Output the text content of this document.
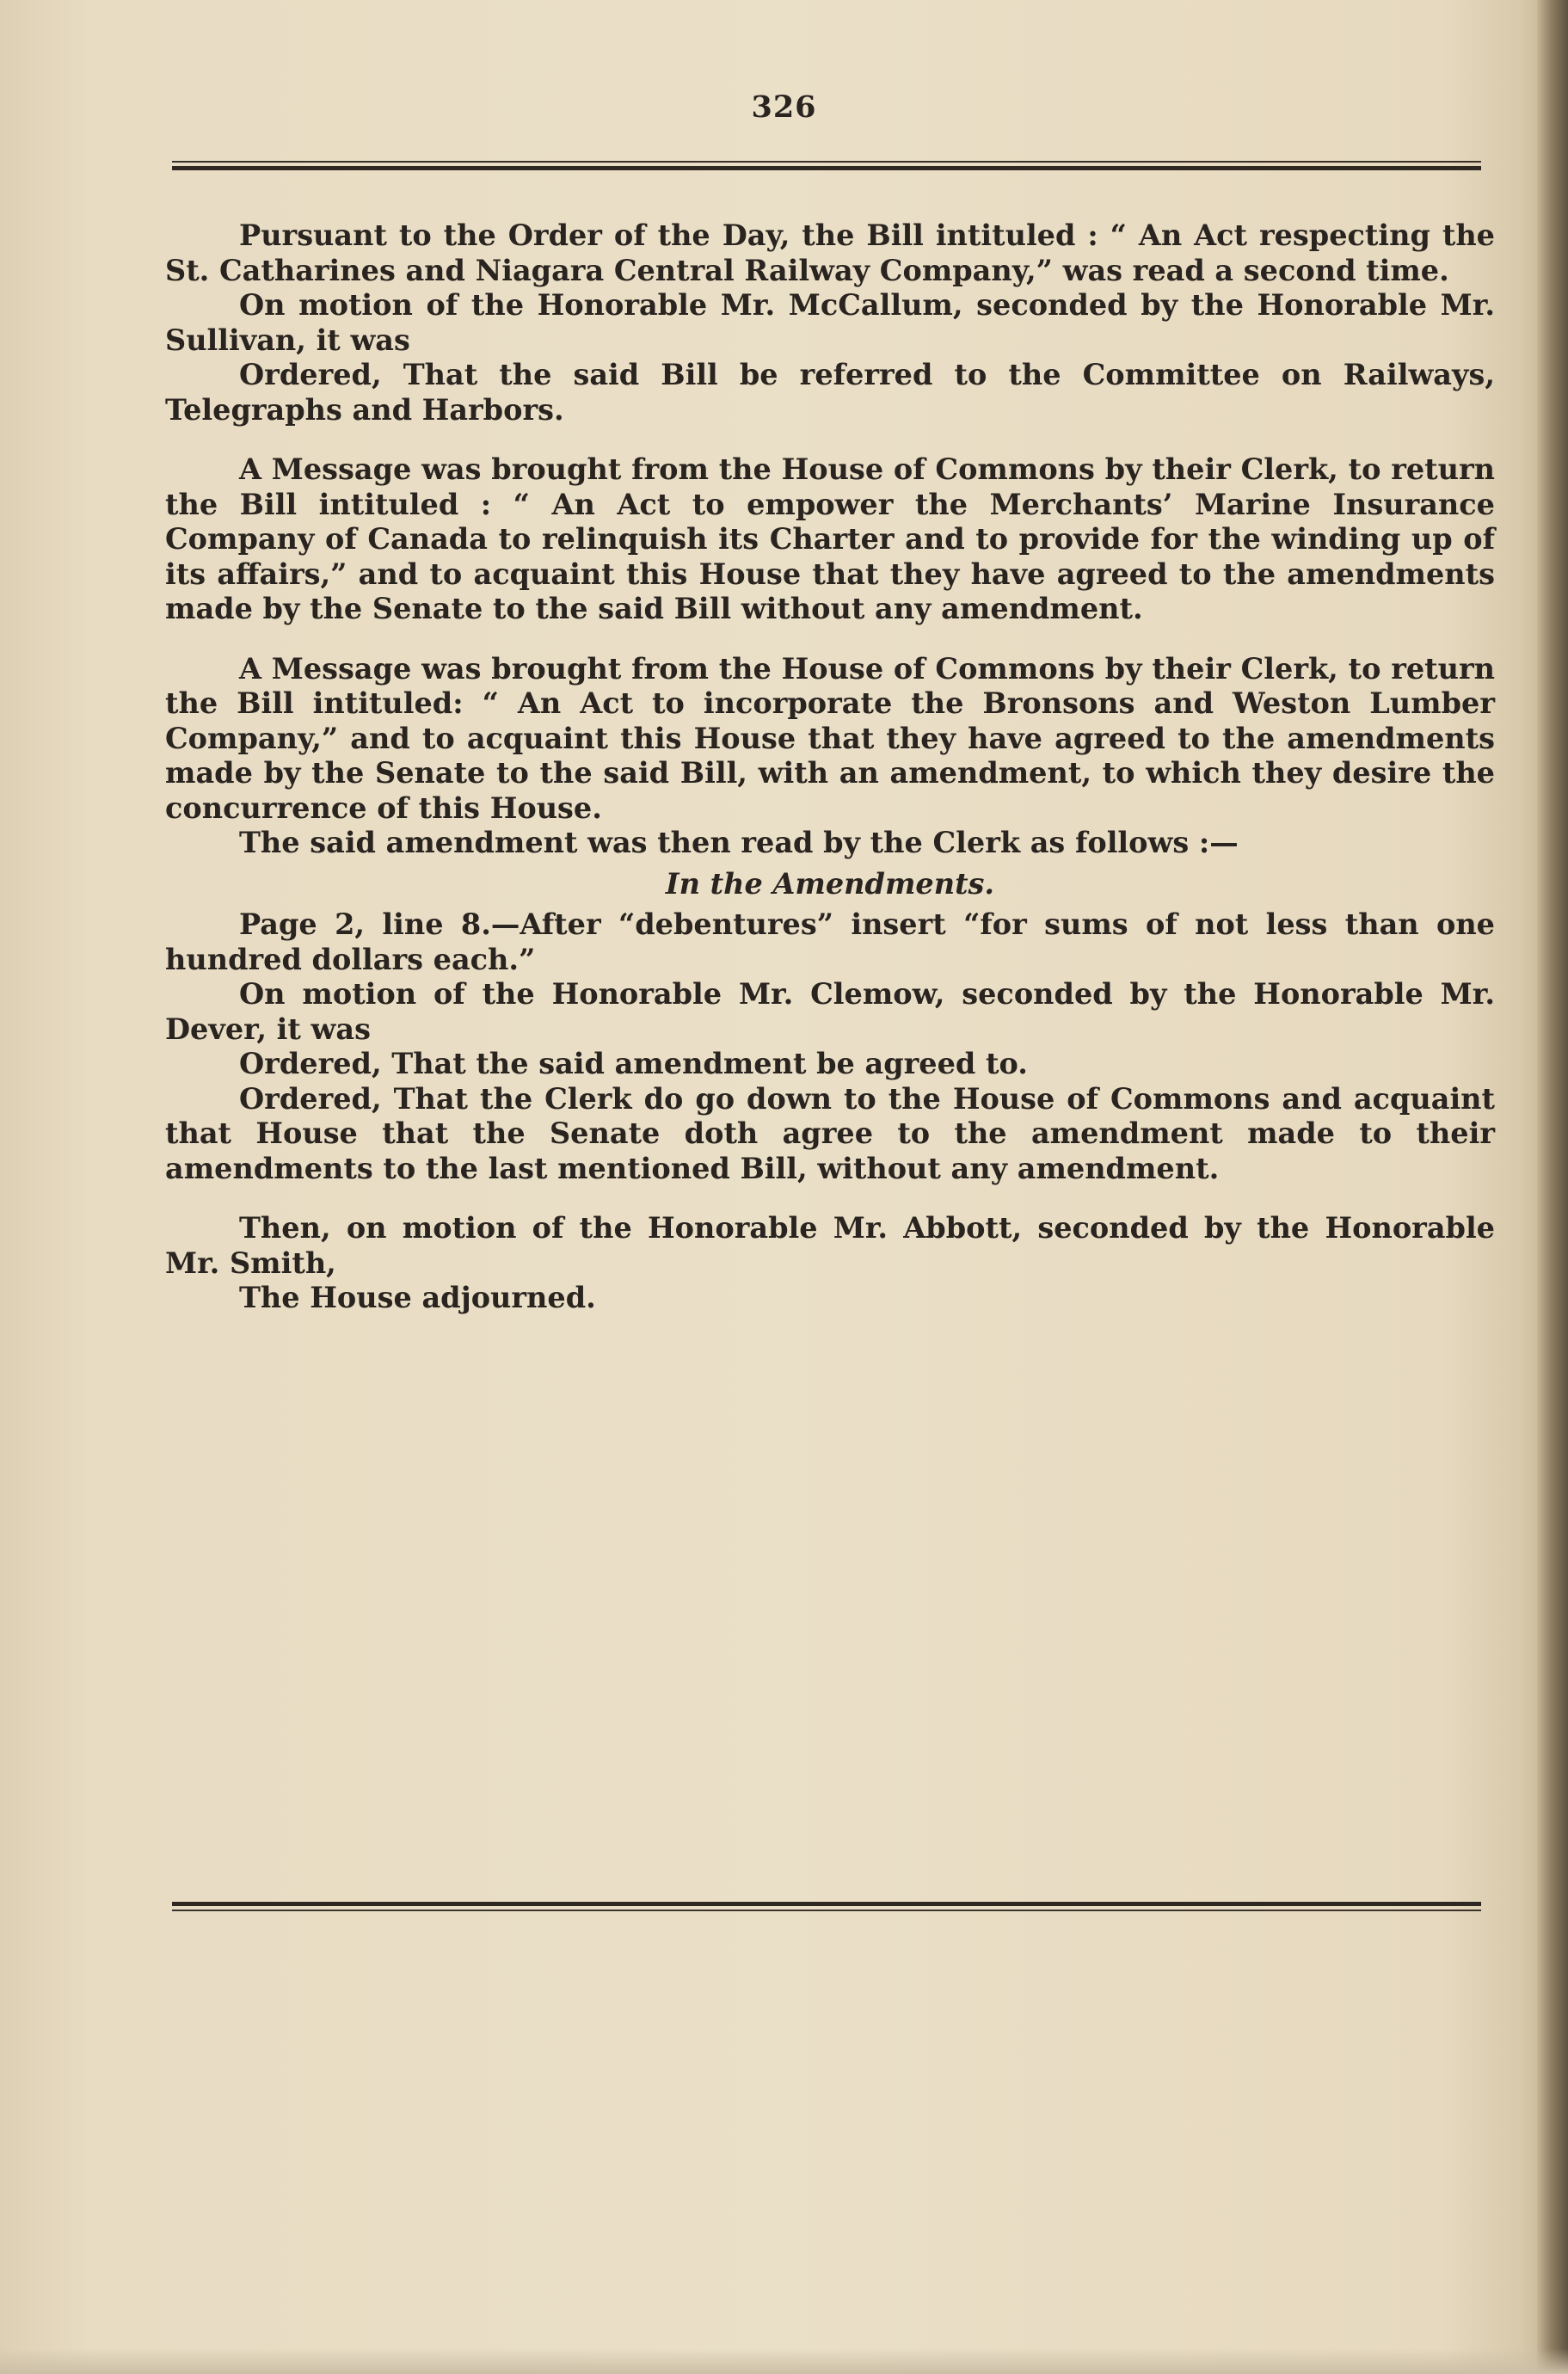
326

Pursuant to the Order of the Day, the Bill intituled : “ An Act respecting the St. Catharines and Niagara Central Railway Company,” was read a second time.

On motion of the Honorable Mr. McCallum, seconded by the Honorable Mr. Sullivan, it was

Ordered, That the said Bill be referred to the Committee on Railways, Telegraphs and Harbors.

A Message was brought from the House of Commons by their Clerk, to return the Bill intituled : “ An Act to empower the Merchants’ Marine Insurance Company of Canada to relinquish its Charter and to provide for the winding up of its affairs,” and to acquaint this House that they have agreed to the amendments made by the Senate to the said Bill without any amendment.

A Message was brought from the House of Commons by their Clerk, to return the Bill intituled: “ An Act to incorporate the Bronsons and Weston Lumber Company,” and to acquaint this House that they have agreed to the amendments made by the Senate to the said Bill, with an amendment, to which they desire the concurrence of this House.

The said amendment was then read by the Clerk as follows :—

In the Amendments.

Page 2, line 8.—After “debentures” insert “for sums of not less than one hundred dollars each.”

On motion of the Honorable Mr. Clemow, seconded by the Honorable Mr. Dever, it was

Ordered, That the said amendment be agreed to.

Ordered, That the Clerk do go down to the House of Commons and acquaint that House that the Senate doth agree to the amendment made to their amendments to the last mentioned Bill, without any amendment.

Then, on motion of the Honorable Mr. Abbott, seconded by the Honorable Mr. Smith,

The House adjourned.
